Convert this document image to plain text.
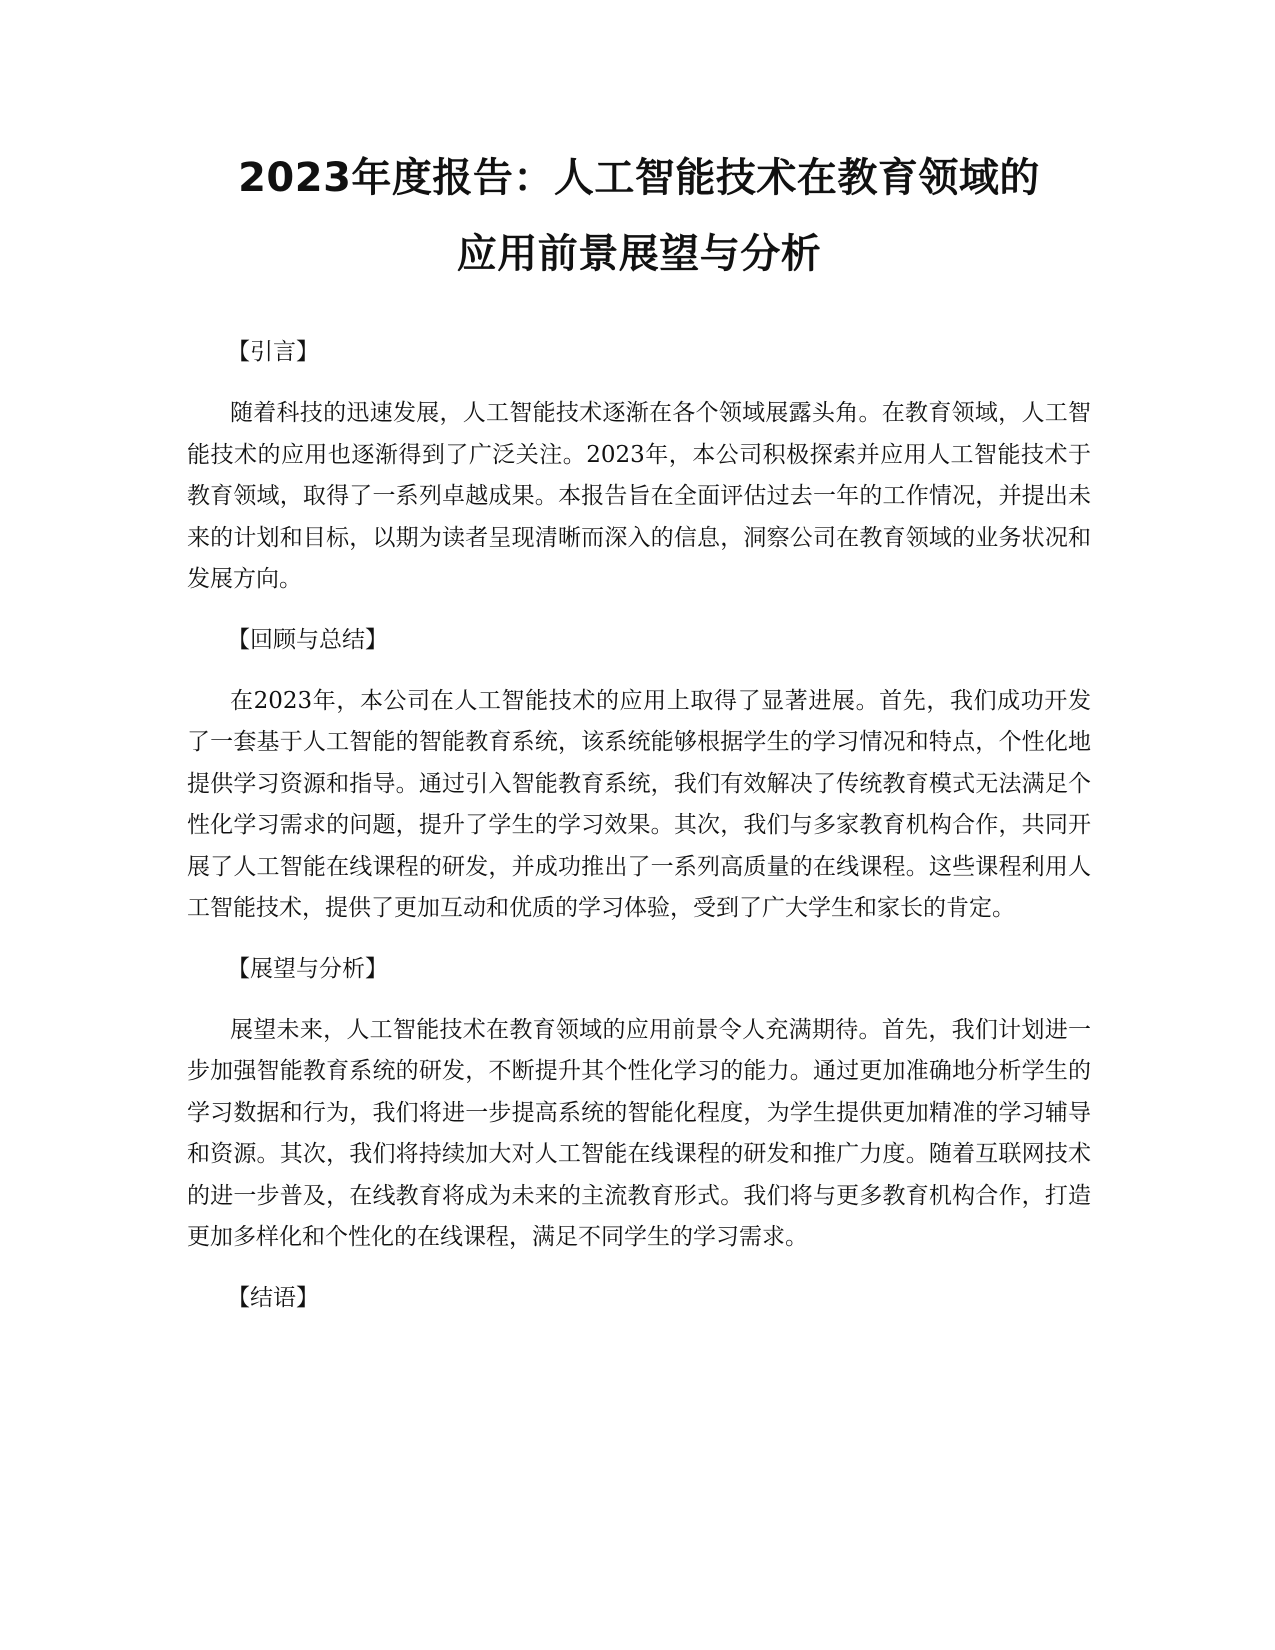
2023年度报告：人工智能技术在教育领域的
应用前景展望与分析
【引言】

随着科技的迅速发展，人工智能技术逐渐在各个领域展露头角。在教育领域，人工智能技术的应用也逐渐得到了广泛关注。2023年，本公司积极探索并应用人工智能技术于教育领域，取得了一系列卓越成果。本报告旨在全面评估过去一年的工作情况，并提出未来的计划和目标，以期为读者呈现清晰而深入的信息，洞察公司在教育领域的业务状况和发展方向。

【回顾与总结】

在2023年，本公司在人工智能技术的应用上取得了显著进展。首先，我们成功开发了一套基于人工智能的智能教育系统，该系统能够根据学生的学习情况和特点，个性化地提供学习资源和指导。通过引入智能教育系统，我们有效解决了传统教育模式无法满足个性化学习需求的问题，提升了学生的学习效果。其次，我们与多家教育机构合作，共同开展了人工智能在线课程的研发，并成功推出了一系列高质量的在线课程。这些课程利用人工智能技术，提供了更加互动和优质的学习体验，受到了广大学生和家长的肯定。

【展望与分析】

展望未来，人工智能技术在教育领域的应用前景令人充满期待。首先，我们计划进一步加强智能教育系统的研发，不断提升其个性化学习的能力。通过更加准确地分析学生的学习数据和行为，我们将进一步提高系统的智能化程度，为学生提供更加精准的学习辅导和资源。其次，我们将持续加大对人工智能在线课程的研发和推广力度。随着互联网技术的进一步普及，在线教育将成为未来的主流教育形式。我们将与更多教育机构合作，打造更加多样化和个性化的在线课程，满足不同学生的学习需求。

【结语】
